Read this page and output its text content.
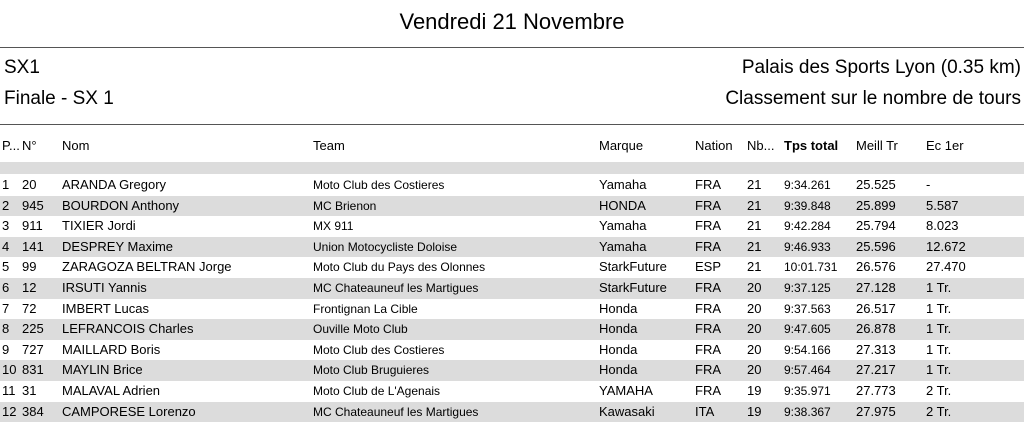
Vendredi 21 Novembre
SX1	Palais des Sports Lyon (0.35 km)
Finale - SX 1	Classement sur le nombre de tours
P... N° Nom	Team	Marque	Nation Nb... Tps total Meill Tr Ec 1er
1 20 ARANDA Gregory	Moto Club des Costieres	Yamaha	FRA 21 9:34.261 25.525 -
2 945 BOURDON Anthony	MC Brienon	HONDA	FRA 21 9:39.848 25.899 5.587
3 911 TIXIER Jordi	MX 911	Yamaha	FRA 21 9:42.284 25.794 8.023
4 141 DESPREY Maxime	Union Motocycliste Doloise	Yamaha	FRA 21 9:46.933 25.596 12.672
5 99 ZARAGOZA BELTRAN Jorge	Moto Club du Pays des Olonnes	StarkFuture ESP 21 10:01.731 26.576 27.470
6 12 IRSUTI Yannis	MC Chateauneuf les Martigues	StarkFuture FRA 20 9:37.125 27.128 1 Tr.
7 72 IMBERT Lucas	Frontignan La Cible	Honda	FRA 20 9:37.563 26.517 1 Tr.
8 225 LEFRANCOIS Charles	Ouville Moto Club	Honda	FRA 20 9:47.605 26.878 1 Tr.
9 727 MAILLARD Boris	Moto Club des Costieres	Honda	FRA 20 9:54.166 27.313 1 Tr.
10 831 MAYLIN Brice	Moto Club Bruguieres	Honda	FRA 20 9:57.464 27.217 1 Tr.
11 31 MALAVAL Adrien	Moto Club de L'Agenais	YAMAHA	FRA 19 9:35.971 27.773 2 Tr.
12 384 CAMPORESE Lorenzo	MC Chateauneuf les Martigues	Kawasaki	ITA	19 9:38.367 27.975 2 Tr.
